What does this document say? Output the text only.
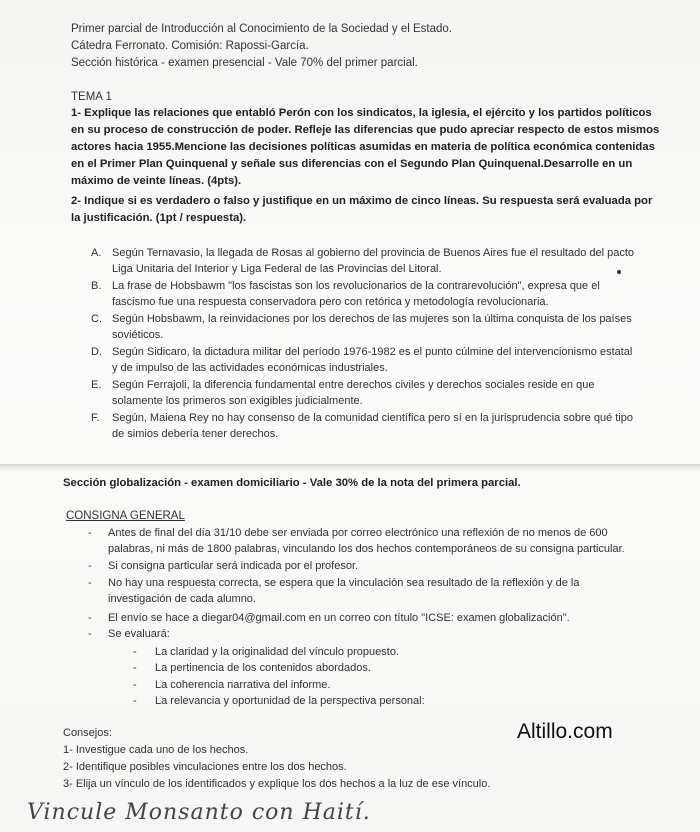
Primer parcial de Introducción al Conocimiento de la Sociedad y el Estado.
Cátedra Ferronato. Comisión: Rapossi-García.
Sección histórica - examen presencial - Vale 70% del primer parcial.
TEMA 1
1- Explique las relaciones que entabló Perón con los sindicatos, la iglesia, el ejército y los partidos políticos
en su proceso de construcción de poder. Refleje las diferencias que pudo apreciar respecto de estos mismos
actores hacia 1955.Mencione las decisiones políticas asumidas en materia de política económica contenidas
en el Primer Plan Quinquenal y señale sus diferencias con el Segundo Plan Quinquenal.Desarrolle en un
máximo de veinte líneas. (4pts).
2- Indique si es verdadero o falso y justifique en un máximo de cinco líneas. Su respuesta será evaluada por
la justificación. (1pt / respuesta).
A. Según Ternavasio, la llegada de Rosas al gobierno del provincia de Buenos Aires fue el resultado del pacto
Liga Unitaria del Interior y Liga Federal de las Provincias del Litoral.
B. La frase de Hobsbawm "los fascistas son los revolucionarios de la contrarevolución", expresa que el
fascismo fue una respuesta conservadora pero con retórica y metodología revolucionaria.
C. Según Hobsbawm, la reinvidaciones por los derechos de las mujeres son la última conquista de los países
soviéticos.
D. Según Sidicaro, la dictadura militar del período 1976-1982 es el punto cúlmine del intervencionismo estatal
y de impulso de las actividades económicas industriales.
E. Según Ferrajoli, la diferencia fundamental entre derechos civiles y derechos sociales reside en que
solamente los primeros son exigibles judicialmente.
F. Según, Maiena Rey no hay consenso de la comunidad científica pero sí en la jurisprudencia sobre qué tipo
de simios debería tener derechos.
Sección globalización - examen domiciliario - Vale 30% de la nota del primera parcial.
CONSIGNA GENERAL
- Antes de final del día 31/10 debe ser enviada por correo electrónico una reflexión de no menos de 600
palabras, ni más de 1800 palabras, vinculando los dos hechos contemporáneos de su consigna particular.
- Si consigna particular será indicada por el profesor.
- No hay una respuesta correcta, se espera que la vinculación sea resultado de la reflexión y de la
investigación de cada alumno.
- El envío se hace a diegar04@gmail.com en un correo con título "ICSE: examen globalización".
- Se evaluará:
- La claridad y la originalidad del vínculo propuesto.
- La pertinencia de los contenidos abordados.
- La coherencia narrativa del informe.
- La relevancia y oportunidad de la perspectiva personal:
Consejos:
1- Investigue cada uno de los hechos.
2- Identifique posibles vinculaciones entre los dos hechos.
3- Elija un vínculo de los identificados y explique los dos hechos a la luz de ese vínculo.
Altillo.com
Vincule Monsanto con Haití.
